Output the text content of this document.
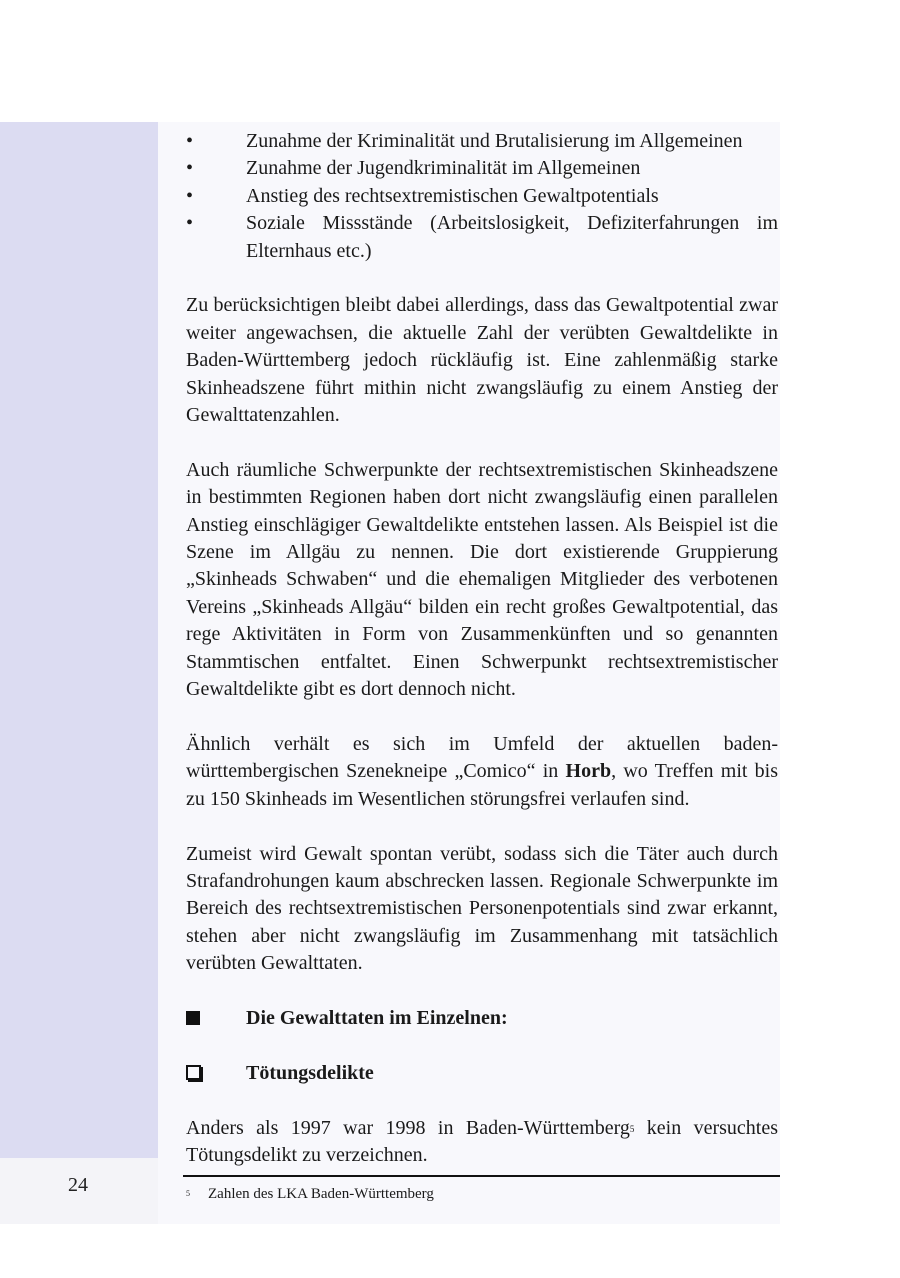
24
•	Zunahme der Kriminalität und Brutalisierung im Allgemeinen
•	Zunahme der Jugendkriminalität im Allgemeinen
•	Anstieg des rechtsextremistischen Gewaltpotentials
•	Soziale Missstände (Arbeitslosigkeit, Defiziterfahrungen im Elternhaus etc.)

Zu berücksichtigen bleibt dabei allerdings, dass das Gewaltpotential zwar weiter angewachsen, die aktuelle Zahl der verübten Gewaltdelikte in Baden-Württemberg jedoch rückläufig ist. Eine zahlenmäßig starke Skinheadszene führt mithin nicht zwangsläufig zu einem Anstieg der Gewalttatenzahlen.

Auch räumliche Schwerpunkte der rechtsextremistischen Skinheadszene in bestimmten Regionen haben dort nicht zwangsläufig einen parallelen Anstieg einschlägiger Gewaltdelikte entstehen lassen. Als Beispiel ist die Szene im Allgäu zu nennen. Die dort existierende Gruppierung „Skinheads Schwaben“ und die ehemaligen Mitglieder des verbotenen Vereins „Skinheads Allgäu“ bilden ein recht großes Gewaltpotential, das rege Aktivitäten in Form von Zusammenkünften und so genannten Stammtischen entfaltet. Einen Schwerpunkt rechtsextremistischer Gewaltdelikte gibt es dort dennoch nicht.

Ähnlich verhält es sich im Umfeld der aktuellen baden-württembergischen Szenekneipe „Comico“ in Horb, wo Treffen mit bis zu 150 Skinheads im Wesentlichen störungsfrei verlaufen sind.

Zumeist wird Gewalt spontan verübt, sodass sich die Täter auch durch Strafandrohungen kaum abschrecken lassen. Regionale Schwerpunkte im Bereich des rechtsextremistischen Personenpotentials sind zwar erkannt, stehen aber nicht zwangsläufig im Zusammenhang mit tatsächlich verübten Gewalttaten.

Die Gewalttaten im Einzelnen:
Tötungsdelikte

Anders als 1997 war 1998 in Baden-Württemberg$^5$ kein versuchtes Tötungsdelikt zu verzeichnen.

5 Zahlen des LKA Baden-Württemberg
